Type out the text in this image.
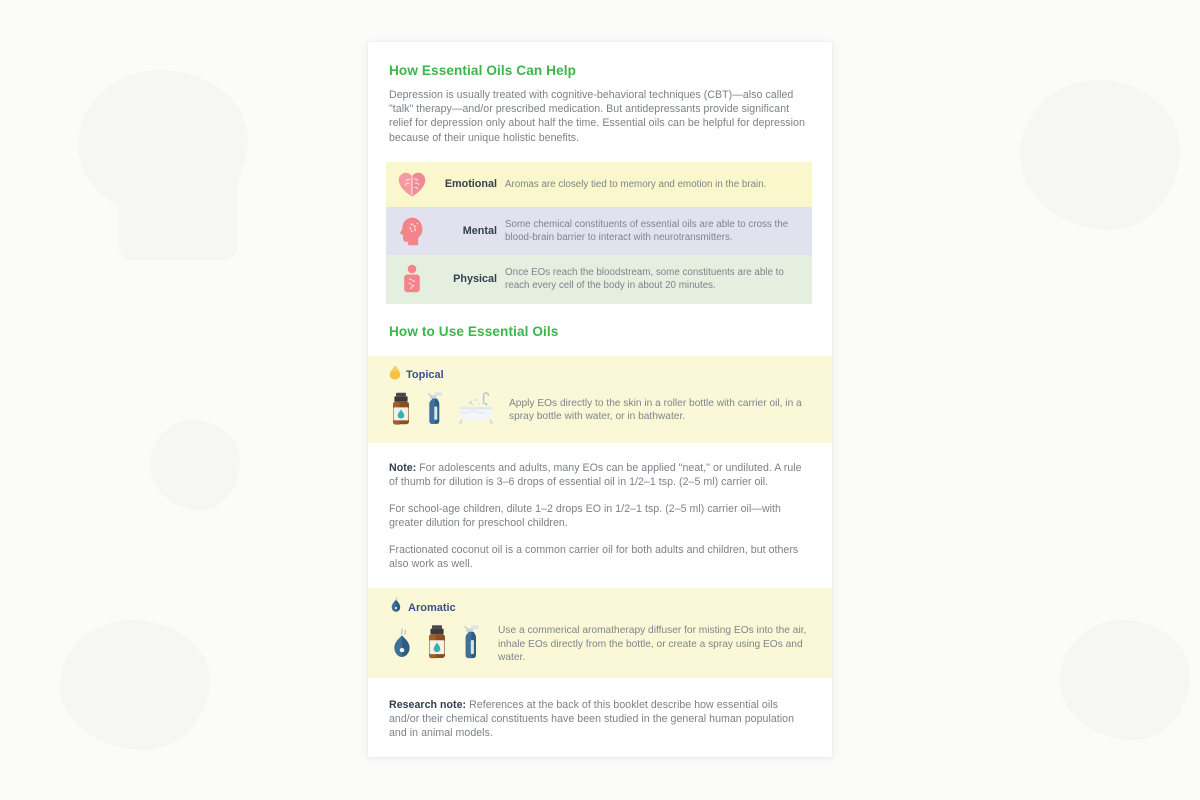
How Essential Oils Can Help

Depression is usually treated with cognitive-behavioral techniques (CBT)—also called "talk" therapy—and/or prescribed medication. But antidepressants provide significant relief for depression only about half the time. Essential oils can be helpful for depression because of their unique holistic benefits.

Emotional Aromas are closely tied to memory and emotion in the brain.
Mental
Some chemical constituents of essential oils are able to cross the blood-brain barrier to interact with neurotransmitters.
Physical
Once EOs reach the bloodstream, some constituents are able to reach every cell of the body in about 20 minutes.
How to Use Essential Oils
Topical
Apply EOs directly to the skin in a roller bottle with carrier oil, in a spray bottle with water, or in bathwater.

Note: For adolescents and adults, many EOs can be applied "neat," or undiluted. A rule of thumb for dilution is 3–6 drops of essential oil in 1/2–1 tsp. (2–5 ml) carrier oil.

For school-age children, dilute 1–2 drops EO in 1/2–1 tsp. (2–5 ml) carrier oil—with greater dilution for preschool children.

Fractionated coconut oil is a common carrier oil for both adults and children, but others also work as well.

Aromatic
Use a commerical aromatherapy diffuser for misting EOs into the air, inhale EOs directly from the bottle, or create a spray using EOs and water.

Research note: References at the back of this booklet describe how essential oils and/or their chemical constituents have been studied in the general human population and in animal models.
